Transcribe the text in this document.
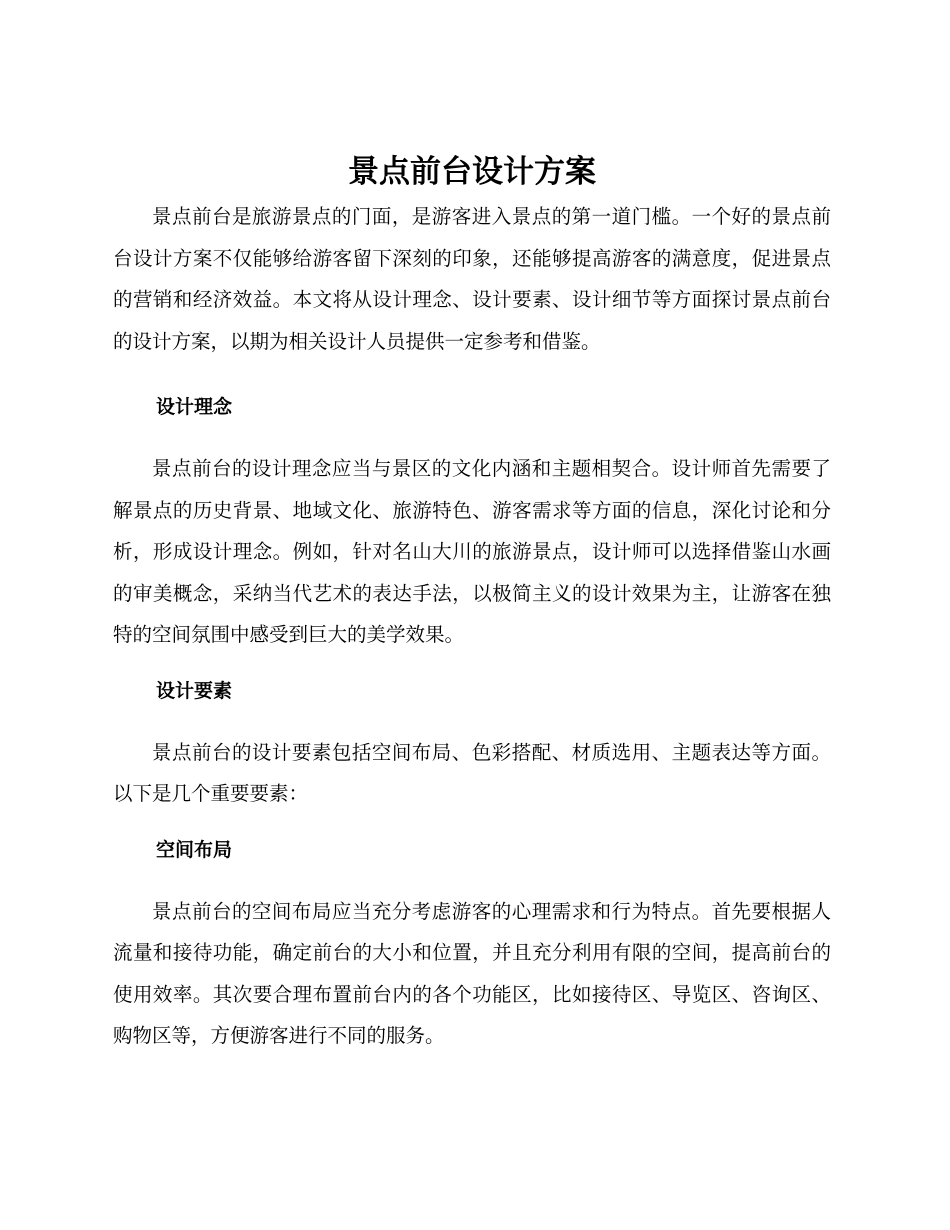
景点前台设计方案

景点前台是旅游景点的门面，是游客进入景点的第一道门槛。一个好的景点前台设计方案不仅能够给游客留下深刻的印象，还能够提高游客的满意度，促进景点的营销和经济效益。本文将从设计理念、设计要素、设计细节等方面探讨景点前台的设计方案，以期为相关设计人员提供一定参考和借鉴。

设计理念

景点前台的设计理念应当与景区的文化内涵和主题相契合。设计师首先需要了解景点的历史背景、地域文化、旅游特色、游客需求等方面的信息，深化讨论和分析，形成设计理念。例如，针对名山大川的旅游景点，设计师可以选择借鉴山水画的审美概念，采纳当代艺术的表达手法，以极简主义的设计效果为主，让游客在独特的空间氛围中感受到巨大的美学效果。

设计要素

景点前台的设计要素包括空间布局、色彩搭配、材质选用、主题表达等方面。以下是几个重要要素：

空间布局

景点前台的空间布局应当充分考虑游客的心理需求和行为特点。首先要根据人流量和接待功能，确定前台的大小和位置，并且充分利用有限的空间，提高前台的使用效率。其次要合理布置前台内的各个功能区，比如接待区、导览区、咨询区、购物区等，方便游客进行不同的服务。
